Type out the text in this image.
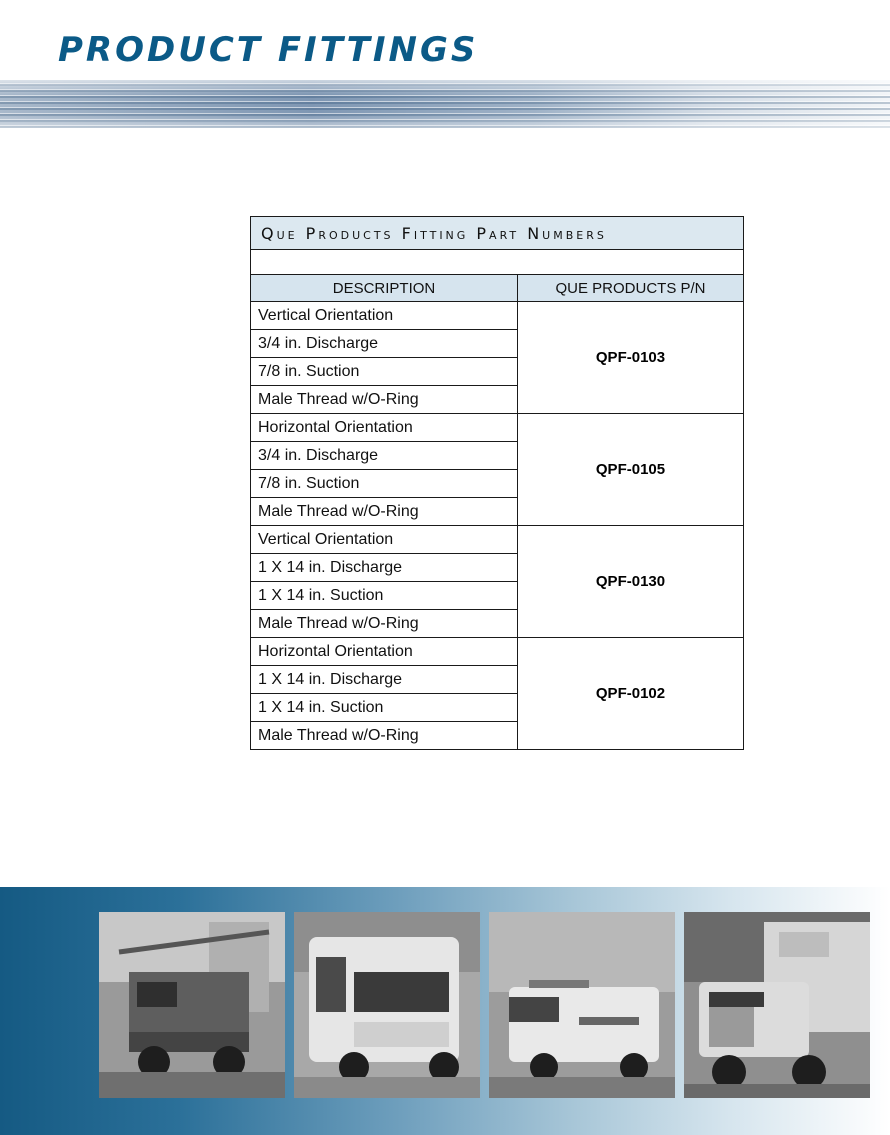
PRODUCT FITTINGS
Que Products Fitting Part Numbers	

DESCRIPTION	QUE PRODUCTS P/N
Vertical Orientation	QPF-0103
3/4 in. Discharge	
7/8 in. Suction	
Male Thread w/O-Ring	
Horizontal Orientation	QPF-0105
3/4 in. Discharge	
7/8 in. Suction	
Male Thread w/O-Ring	
Vertical Orientation	QPF-0130
1 X 14 in. Discharge	
1 X 14 in. Suction	
Male Thread w/O-Ring	
Horizontal Orientation	QPF-0102
1 X 14 in. Discharge	
1 X 14 in. Suction	
Male Thread w/O-Ring	
